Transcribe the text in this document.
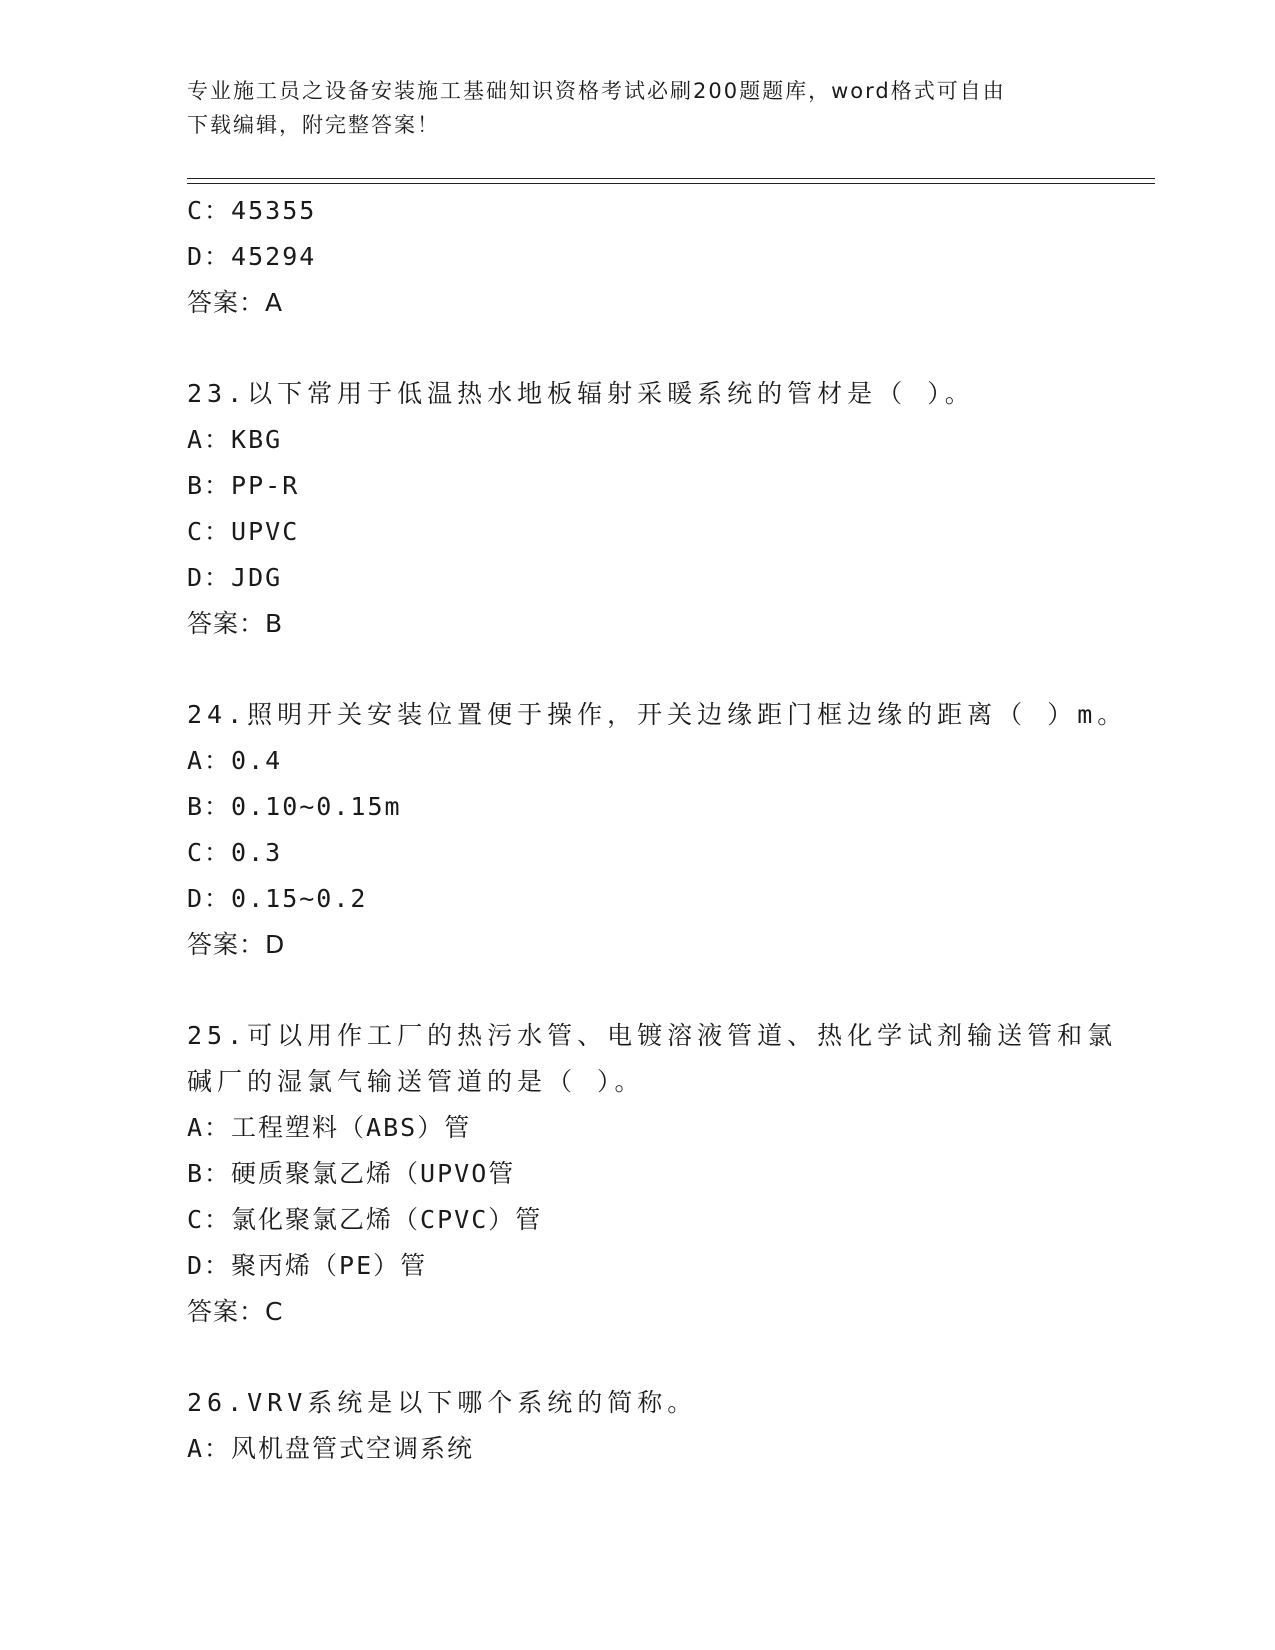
专业施工员之设备安装施工基础知识资格考试必刷200题题库，word格式可自由
下载编辑，附完整答案！
C：45355
D：45294
答案：A
23.以下常用于低温热水地板辐射采暖系统的管材是（ ）。
A：KBG
B：PP-R
C：UPVC
D：JDG
答案：B
24.照明开关安装位置便于操作，开关边缘距门框边缘的距离（ ）m。
A：0.4
B：0.10~0.15m
C：0.3
D：0.15~0.2
答案：D
25.可以用作工厂的热污水管、电镀溶液管道、热化学试剂输送管和氯
碱厂的湿氯气输送管道的是（ ）。
A：工程塑料（ABS）管
B：硬质聚氯乙烯（UPVO管
C：氯化聚氯乙烯（CPVC）管
D：聚丙烯（PE）管
答案：C
26.VRV系统是以下哪个系统的简称。
A：风机盘管式空调系统
